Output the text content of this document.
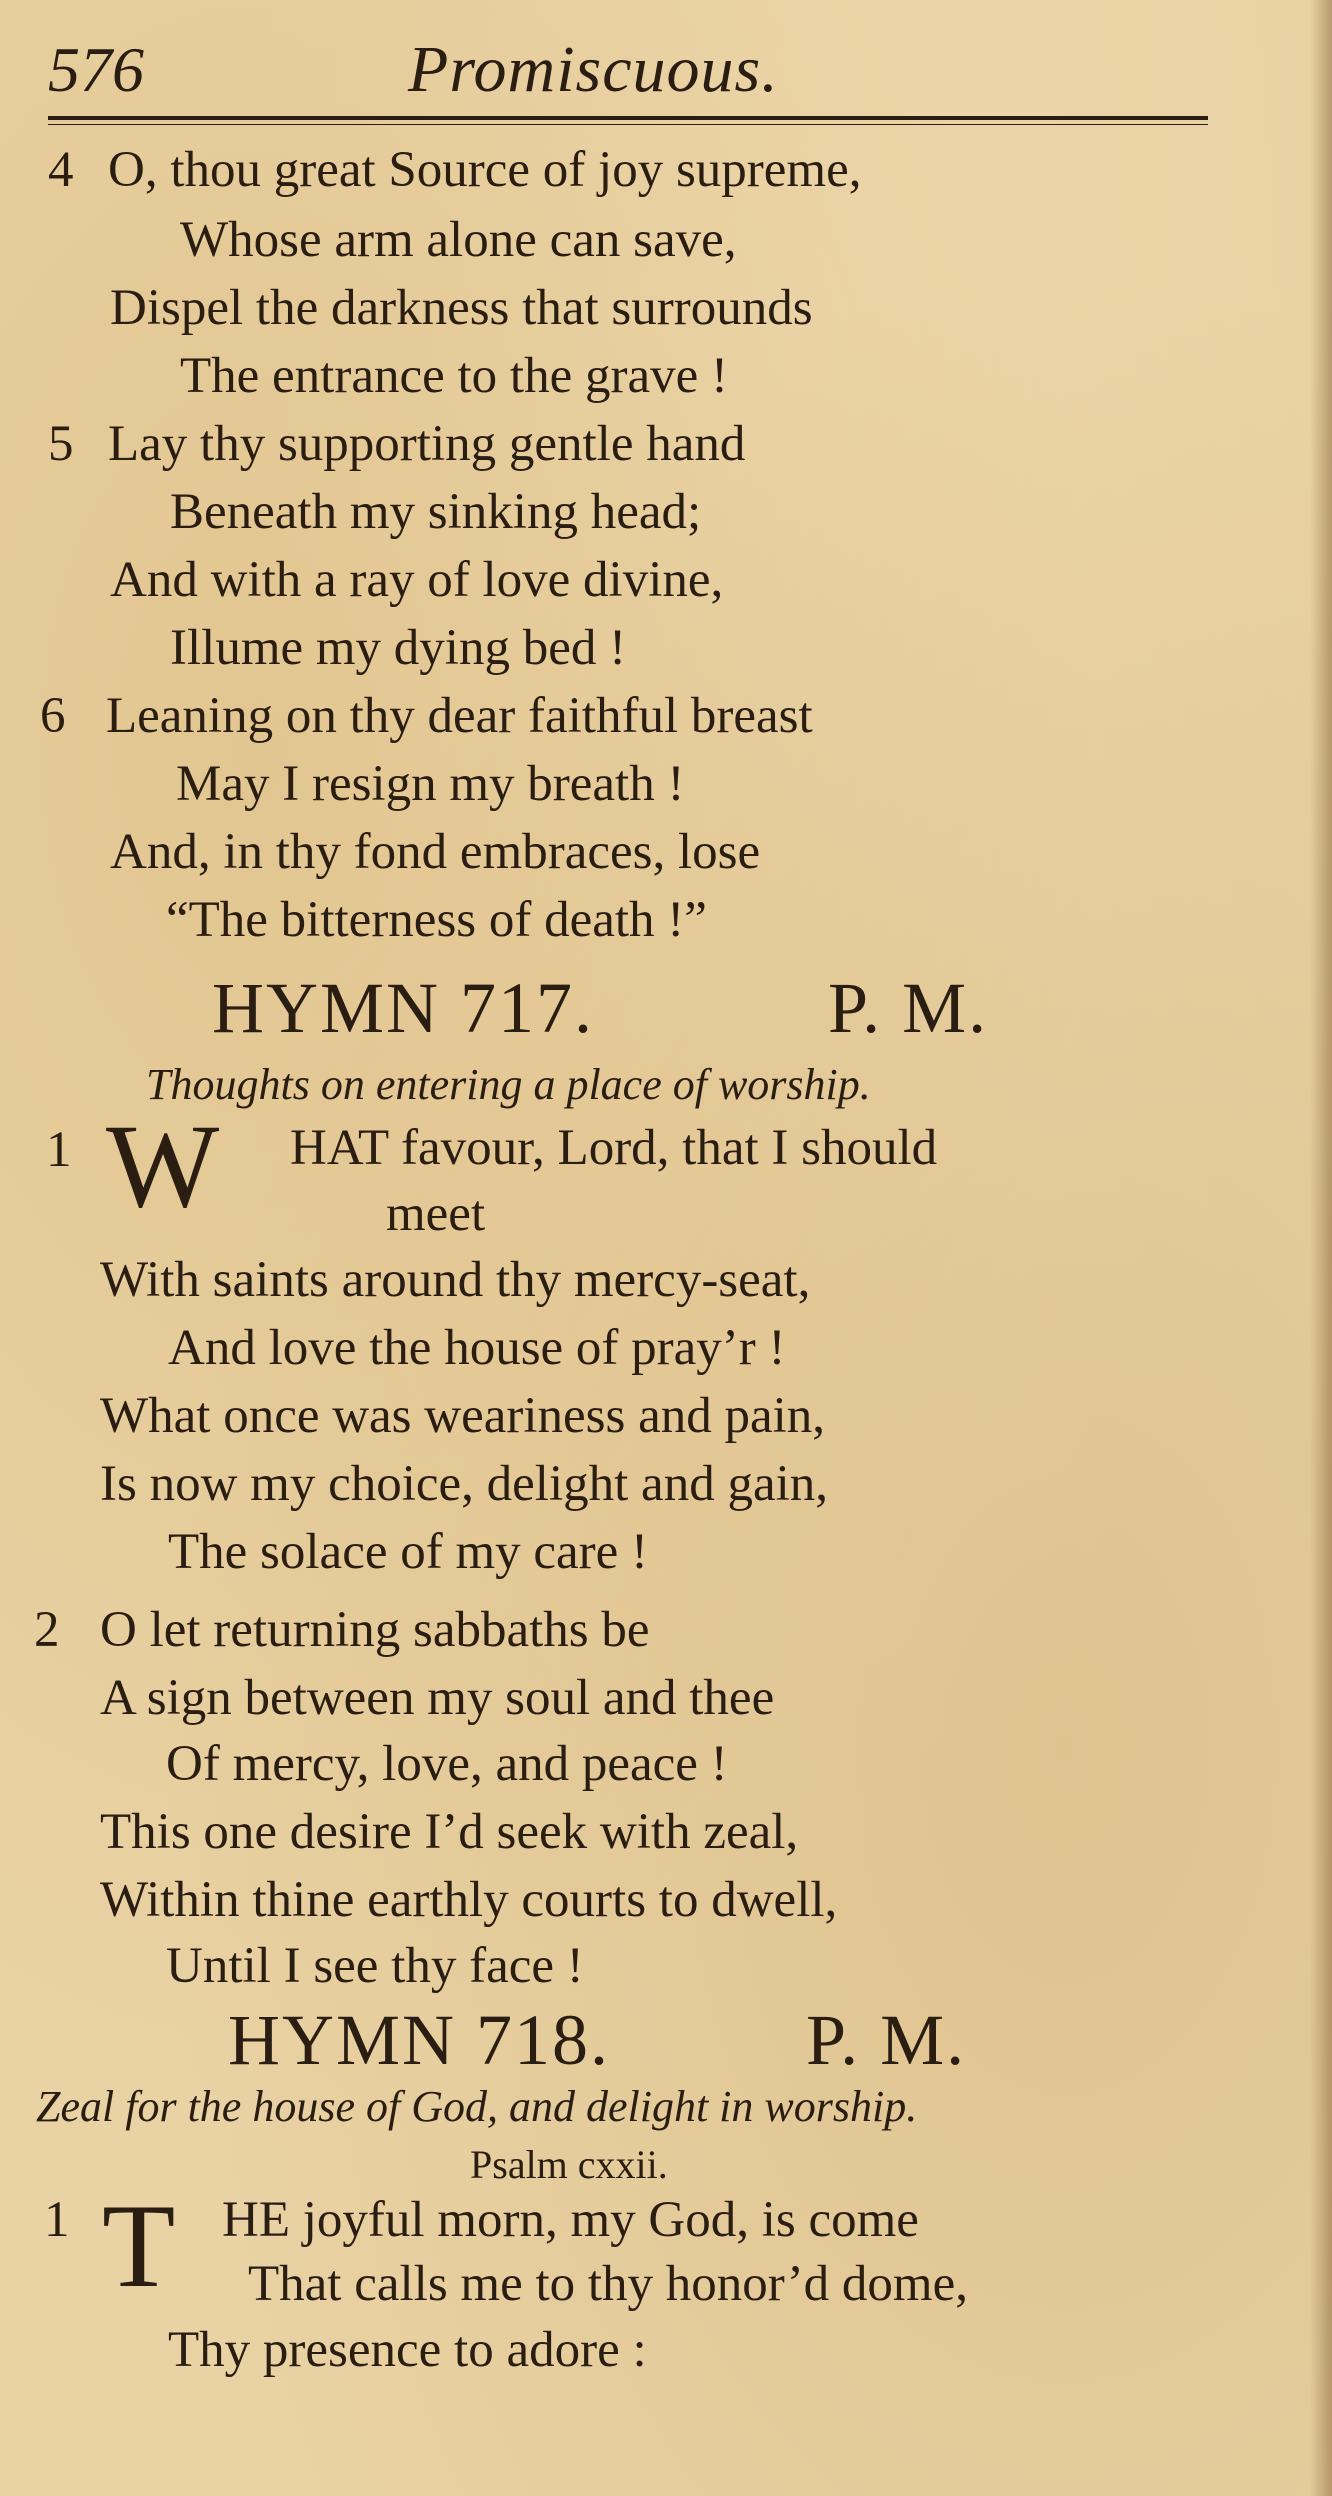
576	Promiscuous.
4 O, thou great Source of joy supreme,
Whose arm alone can save,
Dispel the darkness that surrounds
The entrance to the grave !
5 Lay thy supporting gentle hand
Beneath my sinking head;
And with a ray of love divine,
Illume my dying bed !
6 Leaning on thy dear faithful breast
May I resign my breath !
And, in thy fond embraces, lose
“The bitterness of death !”
HYMN 717.	P. M.
Thoughts on entering a place of worship.
1 W HAT favour, Lord, that I should
meet
With saints around thy mercy-seat,
And love the house of pray’r !
What once was weariness and pain,
Is now my choice, delight and gain,
The solace of my care !
2 O let returning sabbaths be
A sign between my soul and thee
Of mercy, love, and peace !
This one desire I’d seek with zeal,
Within thine earthly courts to dwell,
Until I see thy face !
HYMN 718.	P. M.
Zeal for the house of God, and delight in worship.
Psalm cxxii.
1 T HE joyful morn, my God, is come
That calls me to thy honor’d dome,
Thy presence to adore :
